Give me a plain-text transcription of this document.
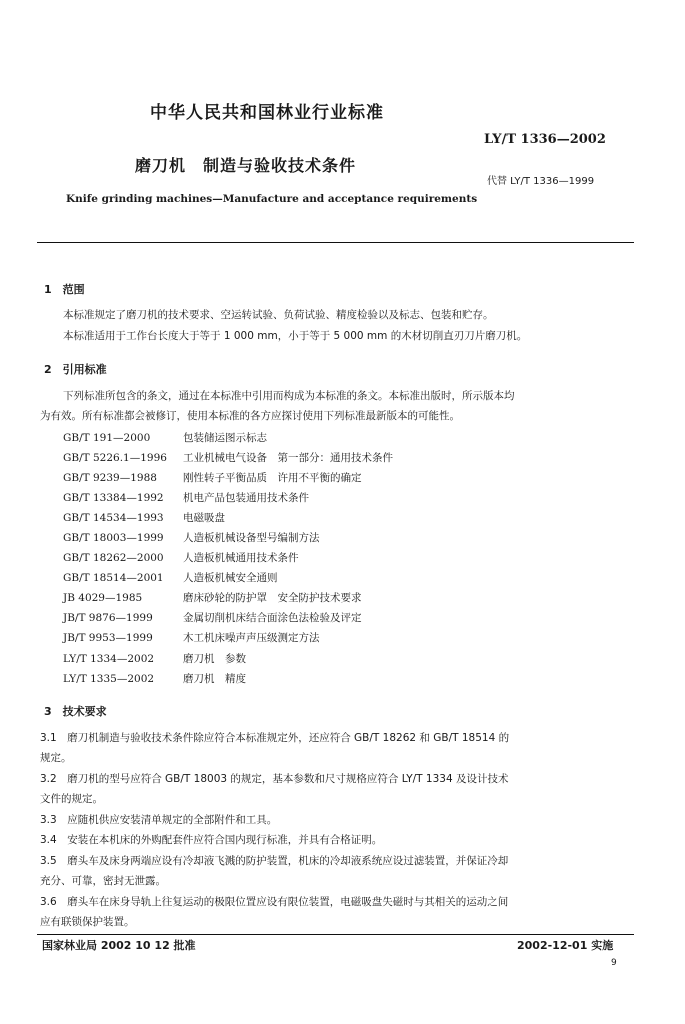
中华人民共和国林业行业标准
LY/T 1336—2002
磨刀机　制造与验收技术条件
代替 LY/T 1336—1999
Knife grinding machines—Manufacture and acceptance requirements
1　范围
本标准规定了磨刀机的技术要求、空运转试验、负荷试验、精度检验以及标志、包装和贮存。
本标准适用于工作台长度大于等于 1 000 mm，小于等于 5 000 mm 的木材切削直刃刀片磨刀机。
2　引用标准
下列标准所包含的条文，通过在本标准中引用而构成为本标准的条文。本标准出版时，所示版本均
为有效。所有标准都会被修订，使用本标准的各方应探讨使用下列标准最新版本的可能性。
GB/T 191—2000	包装储运图示标志
GB/T 5226.1—1996 工业机械电气设备　第一部分：通用技术条件
GB/T 9239—1988 刚性转子平衡品质　许用不平衡的确定
GB/T 13384—1992 机电产品包装通用技术条件
GB/T 14534—1993 电磁吸盘
GB/T 18003—1999 人造板机械设备型号编制方法
GB/T 18262—2000 人造板机械通用技术条件
GB/T 18514—2001 人造板机械安全通则
JB 4029—1985	磨床砂轮的防护罩　安全防护技术要求
JB/T 9876—1999	金属切削机床结合面涂色法检验及评定
JB/T 9953—1999	木工机床噪声声压级测定方法
LY/T 1334—2002	磨刀机　参数
LY/T 1335—2002	磨刀机　精度
3　技术要求
3.1　 磨刀机制造与验收技术条件除应符合本标准规定外，还应符合 GB/T 18262 和 GB/T 18514 的
规定。
3.2　 磨刀机的型号应符合 GB/T 18003 的规定，基本参数和尺寸规格应符合 LY/T 1334 及设计技术
文件的规定。
3.3　 应随机供应安装清单规定的全部附件和工具。
3.4　 安装在本机床的外购配套件应符合国内现行标准，并具有合格证明。
3.5　 磨头车及床身两端应设有冷却液飞溅的防护装置，机床的冷却液系统应设过滤装置，并保证冷却
充分、可靠，密封无泄露。
3.6　 磨头车在床身导轨上往复运动的极限位置应设有限位装置，电磁吸盘失磁时与其相关的运动之间
应有联锁保护装置。
国家林业局 2002 10 12 批准	2002-12-01 实施
9
